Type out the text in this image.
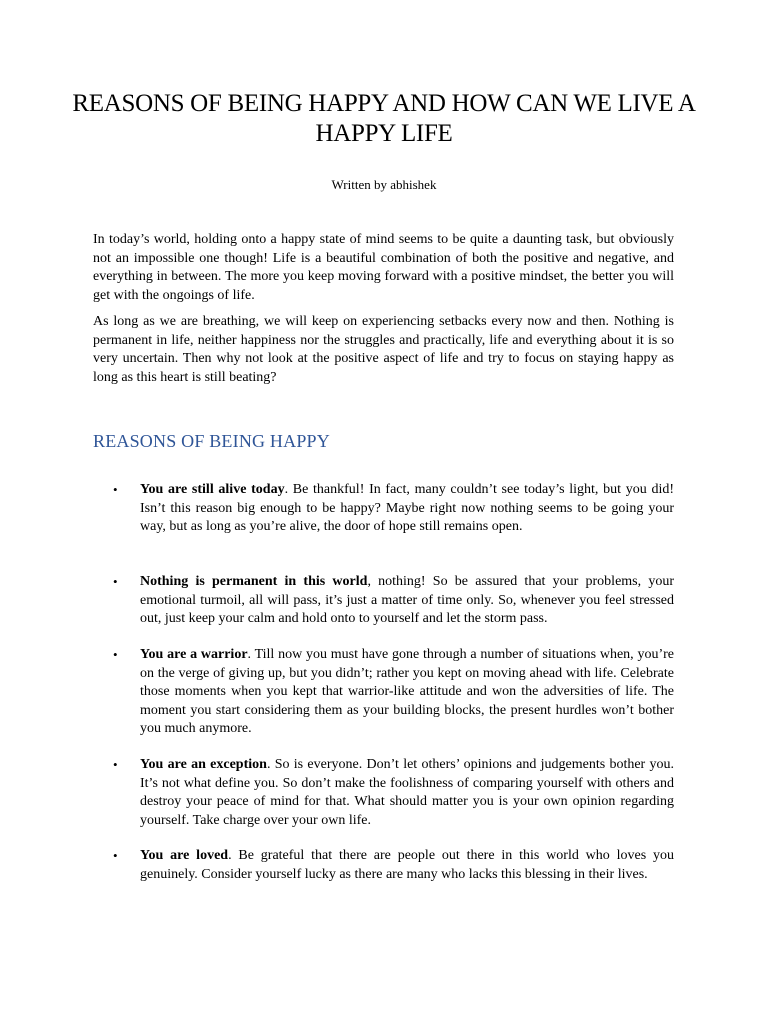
REASONS OF BEING HAPPY AND HOW CAN WE LIVE A HAPPY LIFE
Written by abhishek

In today’s world, holding onto a happy state of mind seems to be quite a daunting task, but obviously not an impossible one though! Life is a beautiful combination of both the positive and negative, and everything in between. The more you keep moving forward with a positive mindset, the better you will get with the ongoings of life.

As long as we are breathing, we will keep on experiencing setbacks every now and then. Nothing is permanent in life, neither happiness nor the struggles and practically, life and everything about it is so very uncertain. Then why not look at the positive aspect of life and try to focus on staying happy as long as this heart is still beating?

REASONS OF BEING HAPPY
• You are still alive today. Be thankful! In fact, many couldn’t see today’s light, but you did! Isn’t this reason big enough to be happy? Maybe right now nothing seems to be going your way, but as long as you’re alive, the door of hope still remains open.
• Nothing is permanent in this world, nothing! So be assured that your problems, your emotional turmoil, all will pass, it’s just a matter of time only. So, whenever you feel stressed out, just keep your calm and hold onto to yourself and let the storm pass.
• You are a warrior. Till now you must have gone through a number of situations when, you’re on the verge of giving up, but you didn’t; rather you kept on moving ahead with life. Celebrate those moments when you kept that warrior-like attitude and won the adversities of life. The moment you start considering them as your building blocks, the present hurdles won’t bother you much anymore.
• You are an exception. So is everyone. Don’t let others’ opinions and judgements bother you. It’s not what define you. So don’t make the foolishness of comparing yourself with others and destroy your peace of mind for that. What should matter you is your own opinion regarding yourself. Take charge over your own life.
• You are loved. Be grateful that there are people out there in this world who loves you genuinely. Consider yourself lucky as there are many who lacks this blessing in their lives.
